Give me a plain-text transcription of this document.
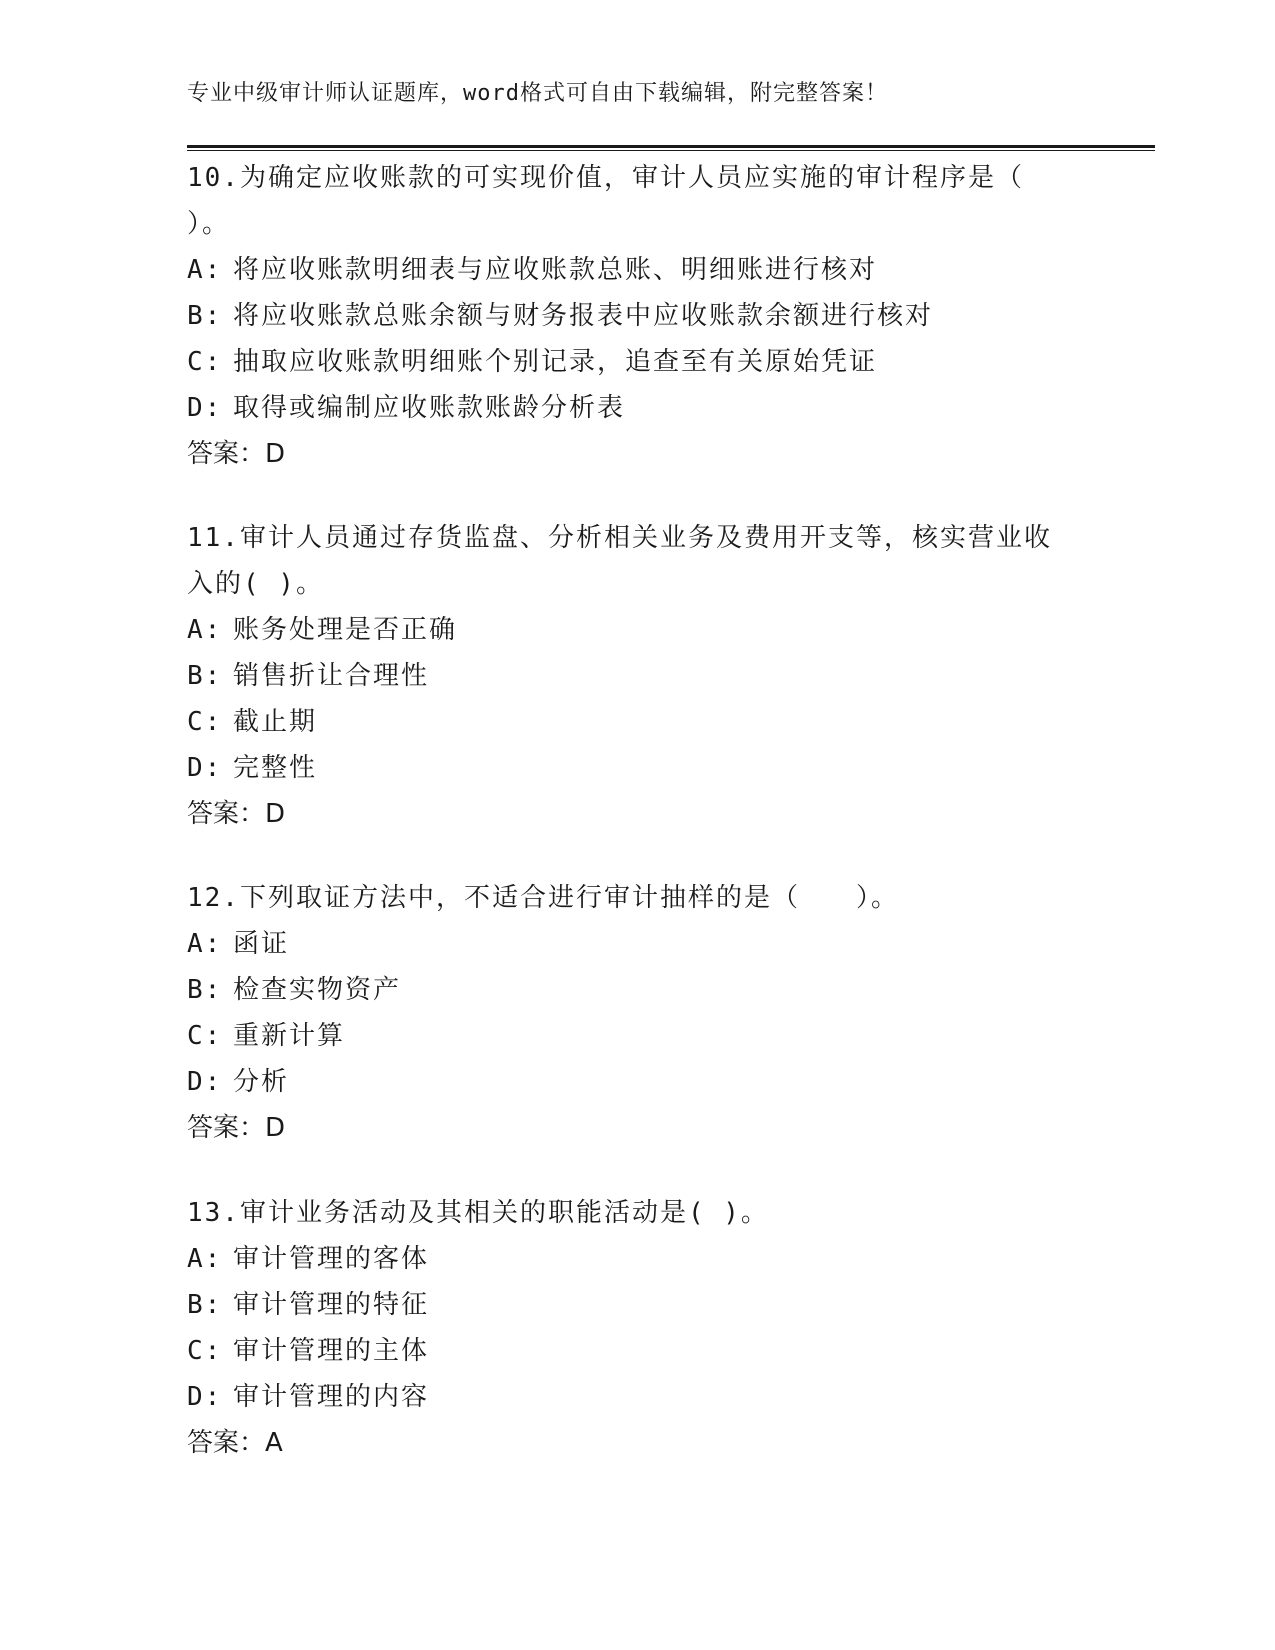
专业中级审计师认证题库，word格式可自由下载编辑，附完整答案！
10.为确定应收账款的可实现价值，审计人员应实施的审计程序是（
）。
A: 将应收账款明细表与应收账款总账、明细账进行核对
B: 将应收账款总账余额与财务报表中应收账款余额进行核对
C: 抽取应收账款明细账个别记录，追查至有关原始凭证
D: 取得或编制应收账款账龄分析表
答案：D
11.审计人员通过存货监盘、分析相关业务及费用开支等，核实营业收
入的( )。
A: 账务处理是否正确
B: 销售折让合理性
C: 截止期
D: 完整性
答案：D
12.下列取证方法中，不适合进行审计抽样的是（　　）。
A: 函证
B: 检查实物资产
C: 重新计算
D: 分析
答案：D
13.审计业务活动及其相关的职能活动是( )。
A: 审计管理的客体
B: 审计管理的特征
C: 审计管理的主体
D: 审计管理的内容
答案：A
